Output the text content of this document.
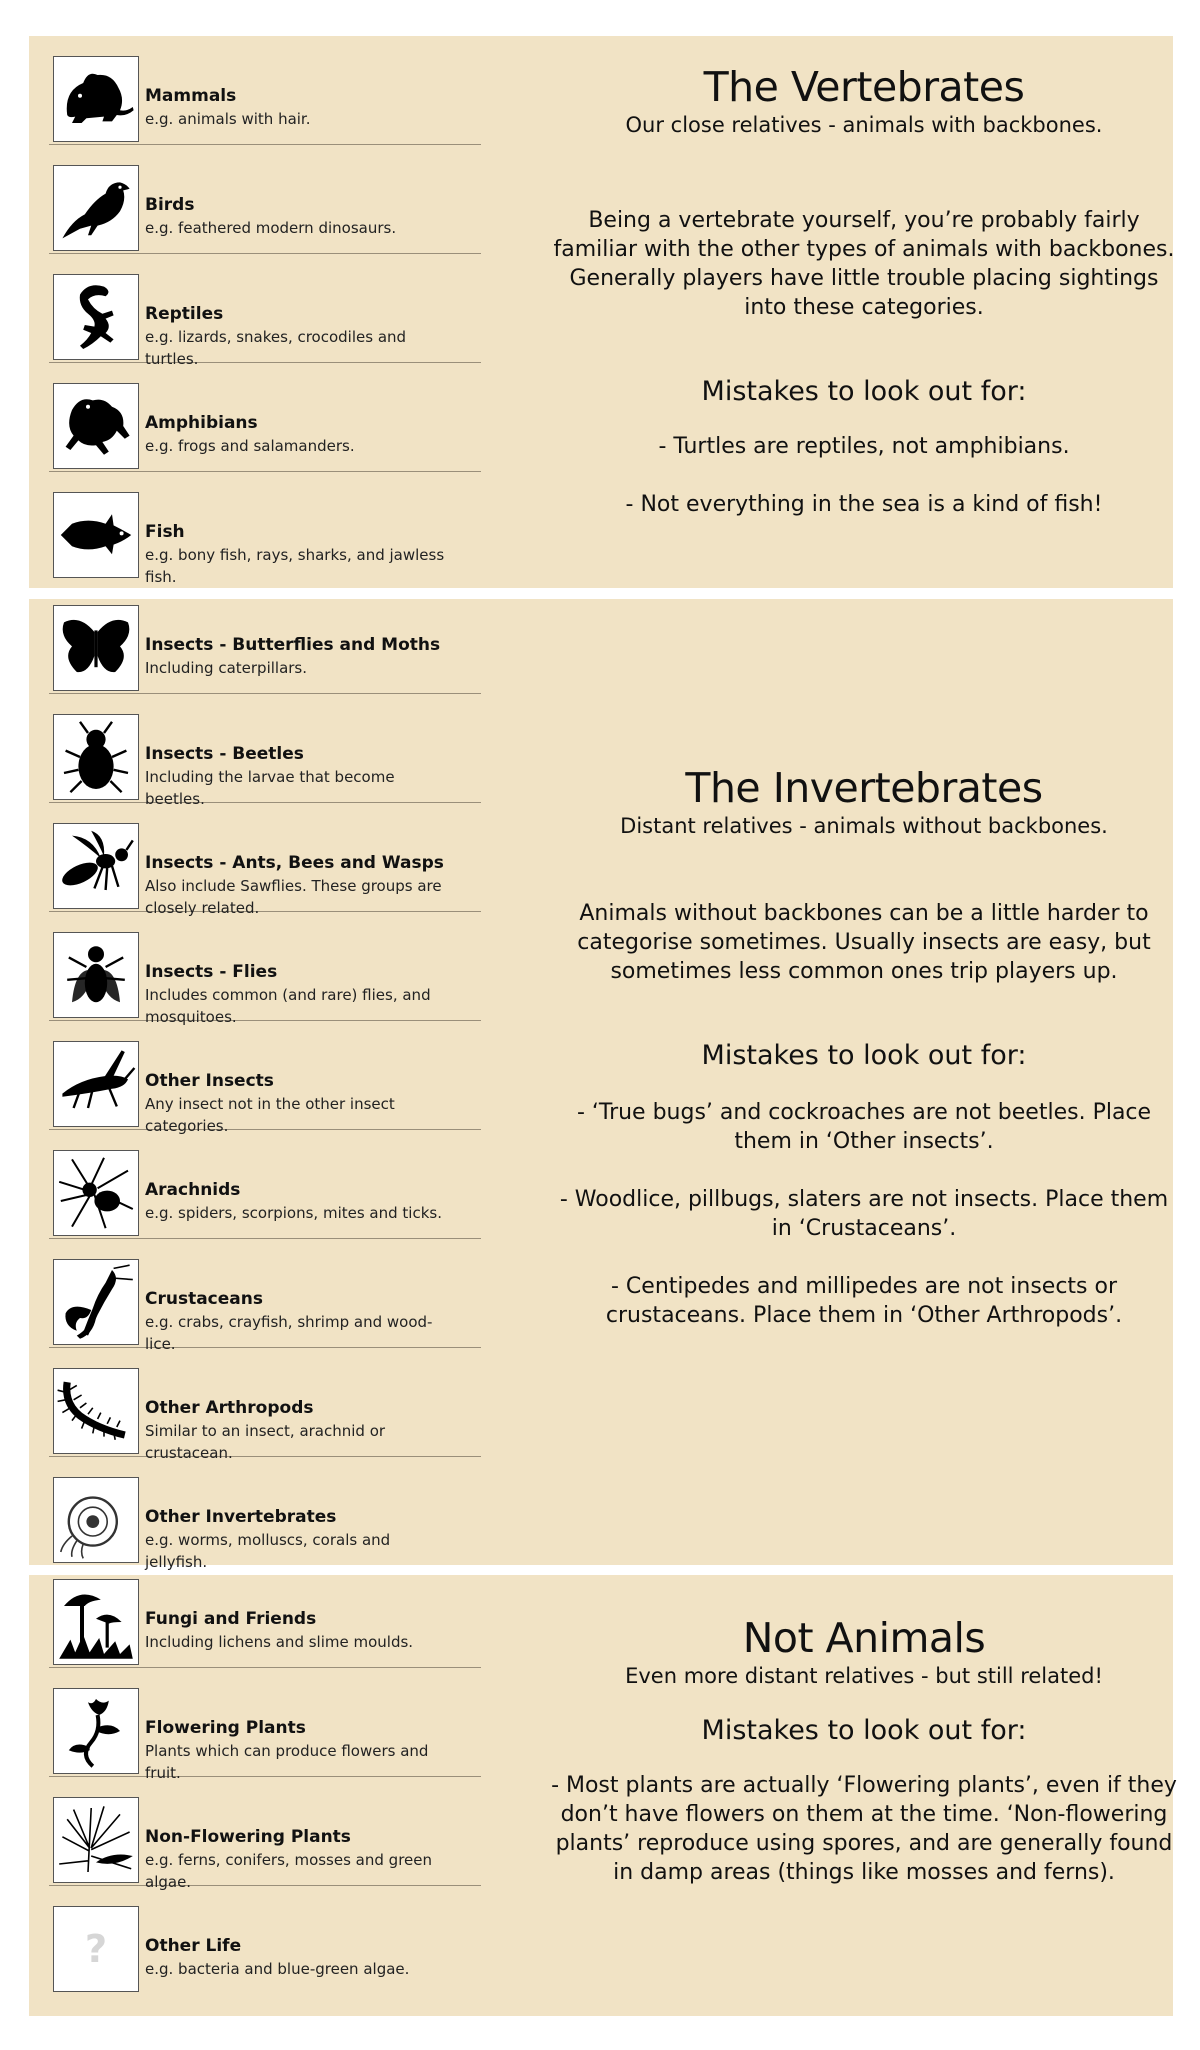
Mammals
e.g. animals with hair.
Birds
e.g. feathered modern dinosaurs.
Reptiles
e.g. lizards, snakes, crocodiles and turtles.
Amphibians
e.g. frogs and salamanders.
Fish
e.g. bony fish, rays, sharks, and jawless fish.
The Vertebrates
Our close relatives - animals with backbones.
Being a vertebrate yourself, you’re probably fairly familiar with the other types of animals with backbones. Generally players have little trouble placing sightings into these categories.
Mistakes to look out for:
- Turtles are reptiles, not amphibians.
- Not everything in the sea is a kind of fish!
Insects - Butterflies and Moths
Including caterpillars.
Insects - Beetles
Including the larvae that become beetles.
Insects - Ants, Bees and Wasps
Also include Sawflies. These groups are closely related.
Insects - Flies
Includes common (and rare) flies, and mosquitoes.
Other Insects
Any insect not in the other insect categories.
Arachnids
e.g. spiders, scorpions, mites and ticks.
Crustaceans
e.g. crabs, crayfish, shrimp and wood-lice.
Other Arthropods
Similar to an insect, arachnid or crustacean.
Other Invertebrates
e.g. worms, molluscs, corals and jellyfish.
The Invertebrates
Distant relatives - animals without backbones.
Animals without backbones can be a little harder to categorise sometimes. Usually insects are easy, but sometimes less common ones trip players up.
Mistakes to look out for:
- ‘True bugs’ and cockroaches are not beetles. Place them in ‘Other insects’.
- Woodlice, pillbugs, slaters are not insects. Place them in ‘Crustaceans’.
- Centipedes and millipedes are not insects or crustaceans. Place them in ‘Other Arthropods’.
Fungi and Friends
Including lichens and slime moulds.
Flowering Plants
Plants which can produce flowers and fruit.
Non-Flowering Plants
e.g. ferns, conifers, mosses and green algae.
? Other Life
e.g. bacteria and blue-green algae.
Not Animals
Even more distant relatives - but still related!
Mistakes to look out for:
- Most plants are actually ‘Flowering plants’, even if they don’t have flowers on them at the time. ‘Non-flowering plants’ reproduce using spores, and are generally found in damp areas (things like mosses and ferns).
